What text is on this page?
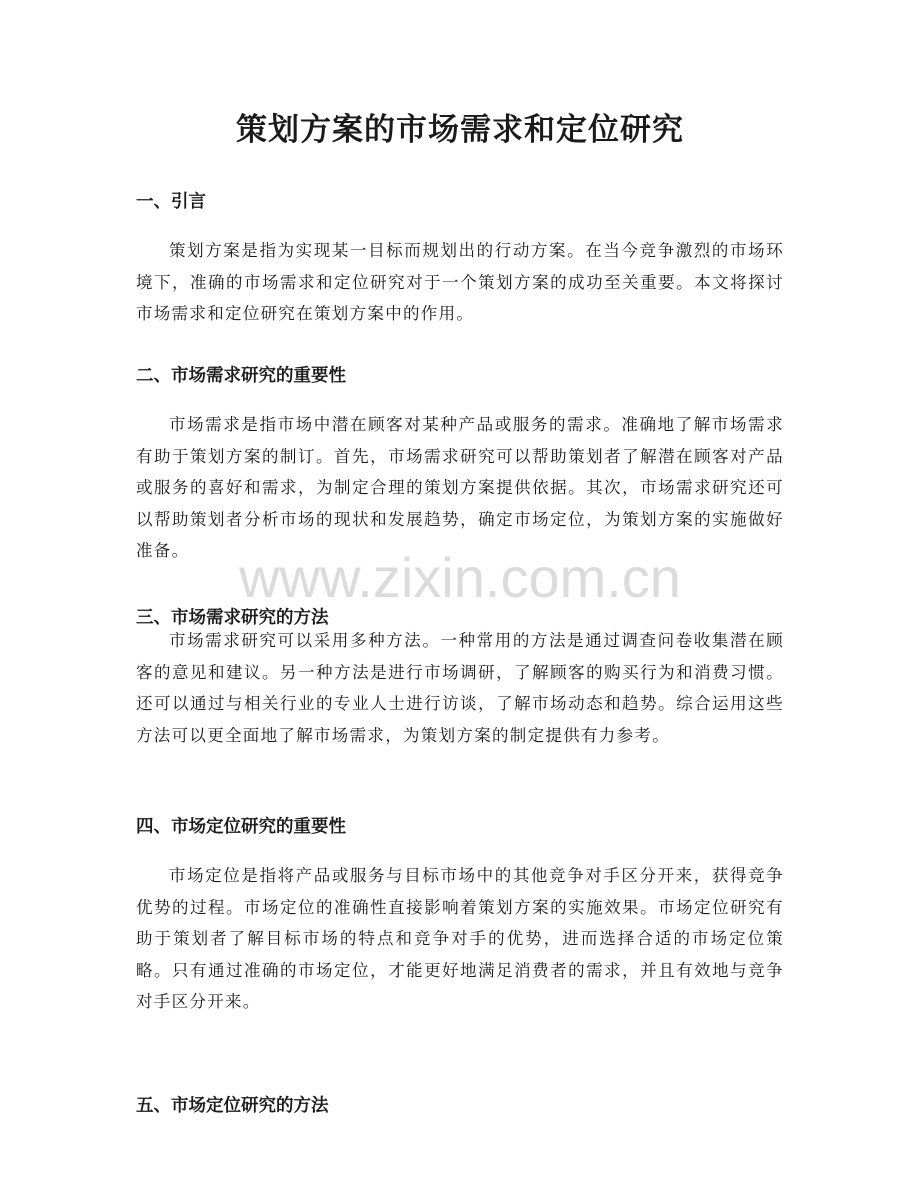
策划方案的市场需求和定位研究
一、引言

策划方案是指为实现某一目标而规划出的行动方案。在当今竞争激烈的市场环境下，准确的市场需求和定位研究对于一个策划方案的成功至关重要。本文将探讨市场需求和定位研究在策划方案中的作用。

二、市场需求研究的重要性

市场需求是指市场中潜在顾客对某种产品或服务的需求。准确地了解市场需求有助于策划方案的制订。首先，市场需求研究可以帮助策划者了解潜在顾客对产品或服务的喜好和需求，为制定合理的策划方案提供依据。其次，市场需求研究还可以帮助策划者分析市场的现状和发展趋势，确定市场定位，为策划方案的实施做好准备。

三、市场需求研究的方法

市场需求研究可以采用多种方法。一种常用的方法是通过调查问卷收集潜在顾客的意见和建议。另一种方法是进行市场调研，了解顾客的购买行为和消费习惯。还可以通过与相关行业的专业人士进行访谈，了解市场动态和趋势。综合运用这些方法可以更全面地了解市场需求，为策划方案的制定提供有力参考。

四、市场定位研究的重要性

市场定位是指将产品或服务与目标市场中的其他竞争对手区分开来，获得竞争优势的过程。市场定位的准确性直接影响着策划方案的实施效果。市场定位研究有助于策划者了解目标市场的特点和竞争对手的优势，进而选择合适的市场定位策略。只有通过准确的市场定位，才能更好地满足消费者的需求，并且有效地与竞争对手区分开来。

五、市场定位研究的方法
www.zixin.com.cn
